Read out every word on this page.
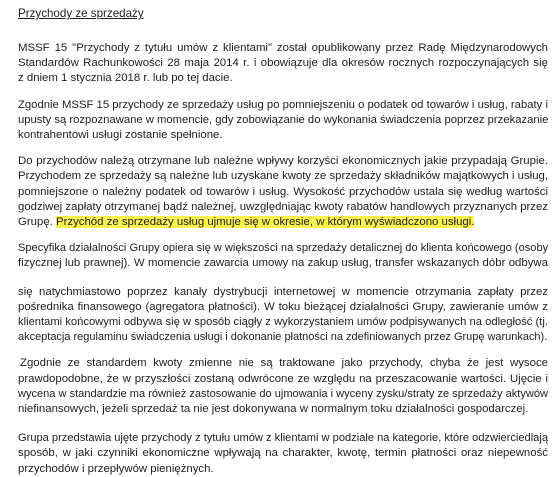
Przychody ze sprzedaży
MSSF 15 "Przychody z tytułu umów z klientami" został opublikowany przez Radę Międzynarodowych
Standardów Rachunkowości 28 maja 2014 r. i obowiązuje dla okresów rocznych rozpoczynających się
z dniem 1 stycznia 2018 r. lub po tej dacie.
Zgodnie MSSF 15 przychody ze sprzedaży usług po pomniejszeniu o podatek od towarów i usług, rabaty i
upusty są rozpoznawane w momencie, gdy zobowiązanie do wykonania świadczenia poprzez przekazanie
kontrahentowi usługi zostanie spełnione.
Do przychodów należą otrzymane lub należne wpływy korzyści ekonomicznych jakie przypadają Grupie.
Przychodem ze sprzedaży są należne lub uzyskane kwoty ze sprzedaży składników majątkowych i usług,
pomniejszone o należny podatek od towarów i usług. Wysokość przychodów ustala się według wartości
godziwej zapłaty otrzymanej bądź należnej, uwzględniając kwoty rabatów handlowych przyznanych przez
Grupę. Przychód ze sprzedaży usług ujmuje się w okresie, w którym wyświadczono usługi.
Specyfika działalności Grupy opiera się w większości na sprzedaży detalicznej do klienta końcowego (osoby
fizycznej lub prawnej). W momencie zawarcia umowy na zakup usług, transfer wskazanych dóbr odbywa
się natychmiastowo poprzez kanały dystrybucji internetowej w momencie otrzymania zapłaty przez
pośrednika finansowego (agregatora płatności). W toku bieżącej działalności Grupy, zawieranie umów z
klientami końcowymi odbywa się w sposób ciągły z wykorzystaniem umów podpisywanych na odległość (tj.
akceptacja regulaminu świadczenia usługi i dokonanie płatności na zdefiniowanych przez Grupę warunkach).
Zgodnie ze standardem kwoty zmienne nie są traktowane jako przychody, chyba że jest wysoce
prawdopodobne, że w przyszłości zostaną odwrócone ze względu na przeszacowanie wartości. Ujęcie i
wycena w standardzie ma również zastosowanie do ujmowania i wyceny zysku/straty ze sprzedaży aktywów
niefinansowych, jeżeli sprzedaż ta nie jest dokonywana w normalnym toku działalności gospodarczej.
Grupa przedstawia ujęte przychody z tytułu umów z klientami w podziale na kategorie, które odzwierciedlają
sposób, w jaki czynniki ekonomiczne wpływają na charakter, kwotę, termin płatności oraz niepewność
przychodów i przepływów pieniężnych.
